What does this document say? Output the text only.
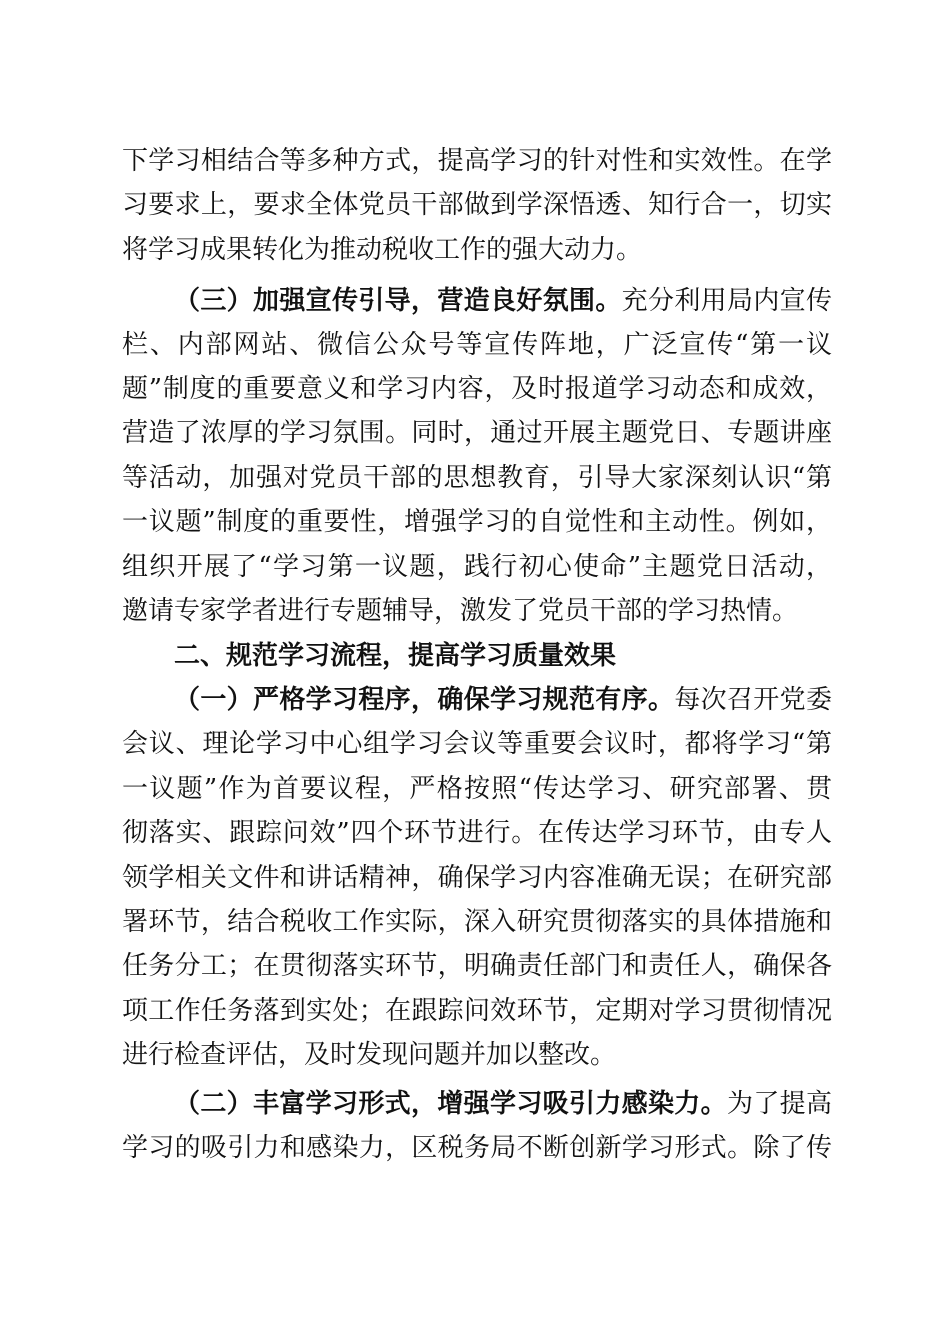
下学习相结合等多种方式，提高学习的针对性和实效性。在学
习要求上，要求全体党员干部做到学深悟透、知行合一，切实
将学习成果转化为推动税收工作的强大动力。
（三）加强宣传引导，营造良好氛围。充分利用局内宣传
栏、内部网站、微信公众号等宣传阵地，广泛宣传“第一议
题”制度的重要意义和学习内容，及时报道学习动态和成效，
营造了浓厚的学习氛围。同时，通过开展主题党日、专题讲座
等活动，加强对党员干部的思想教育，引导大家深刻认识“第
一议题”制度的重要性，增强学习的自觉性和主动性。例如，
组织开展了“学习第一议题，践行初心使命”主题党日活动，
邀请专家学者进行专题辅导，激发了党员干部的学习热情。
二、规范学习流程，提高学习质量效果
（一）严格学习程序，确保学习规范有序。每次召开党委
会议、理论学习中心组学习会议等重要会议时，都将学习“第
一议题”作为首要议程，严格按照“传达学习、研究部署、贯
彻落实、跟踪问效”四个环节进行。在传达学习环节，由专人
领学相关文件和讲话精神，确保学习内容准确无误；在研究部
署环节，结合税收工作实际，深入研究贯彻落实的具体措施和
任务分工；在贯彻落实环节，明确责任部门和责任人，确保各
项工作任务落到实处；在跟踪问效环节，定期对学习贯彻情况
进行检查评估，及时发现问题并加以整改。
（二）丰富学习形式，增强学习吸引力感染力。为了提高
学习的吸引力和感染力，区税务局不断创新学习形式。除了传
